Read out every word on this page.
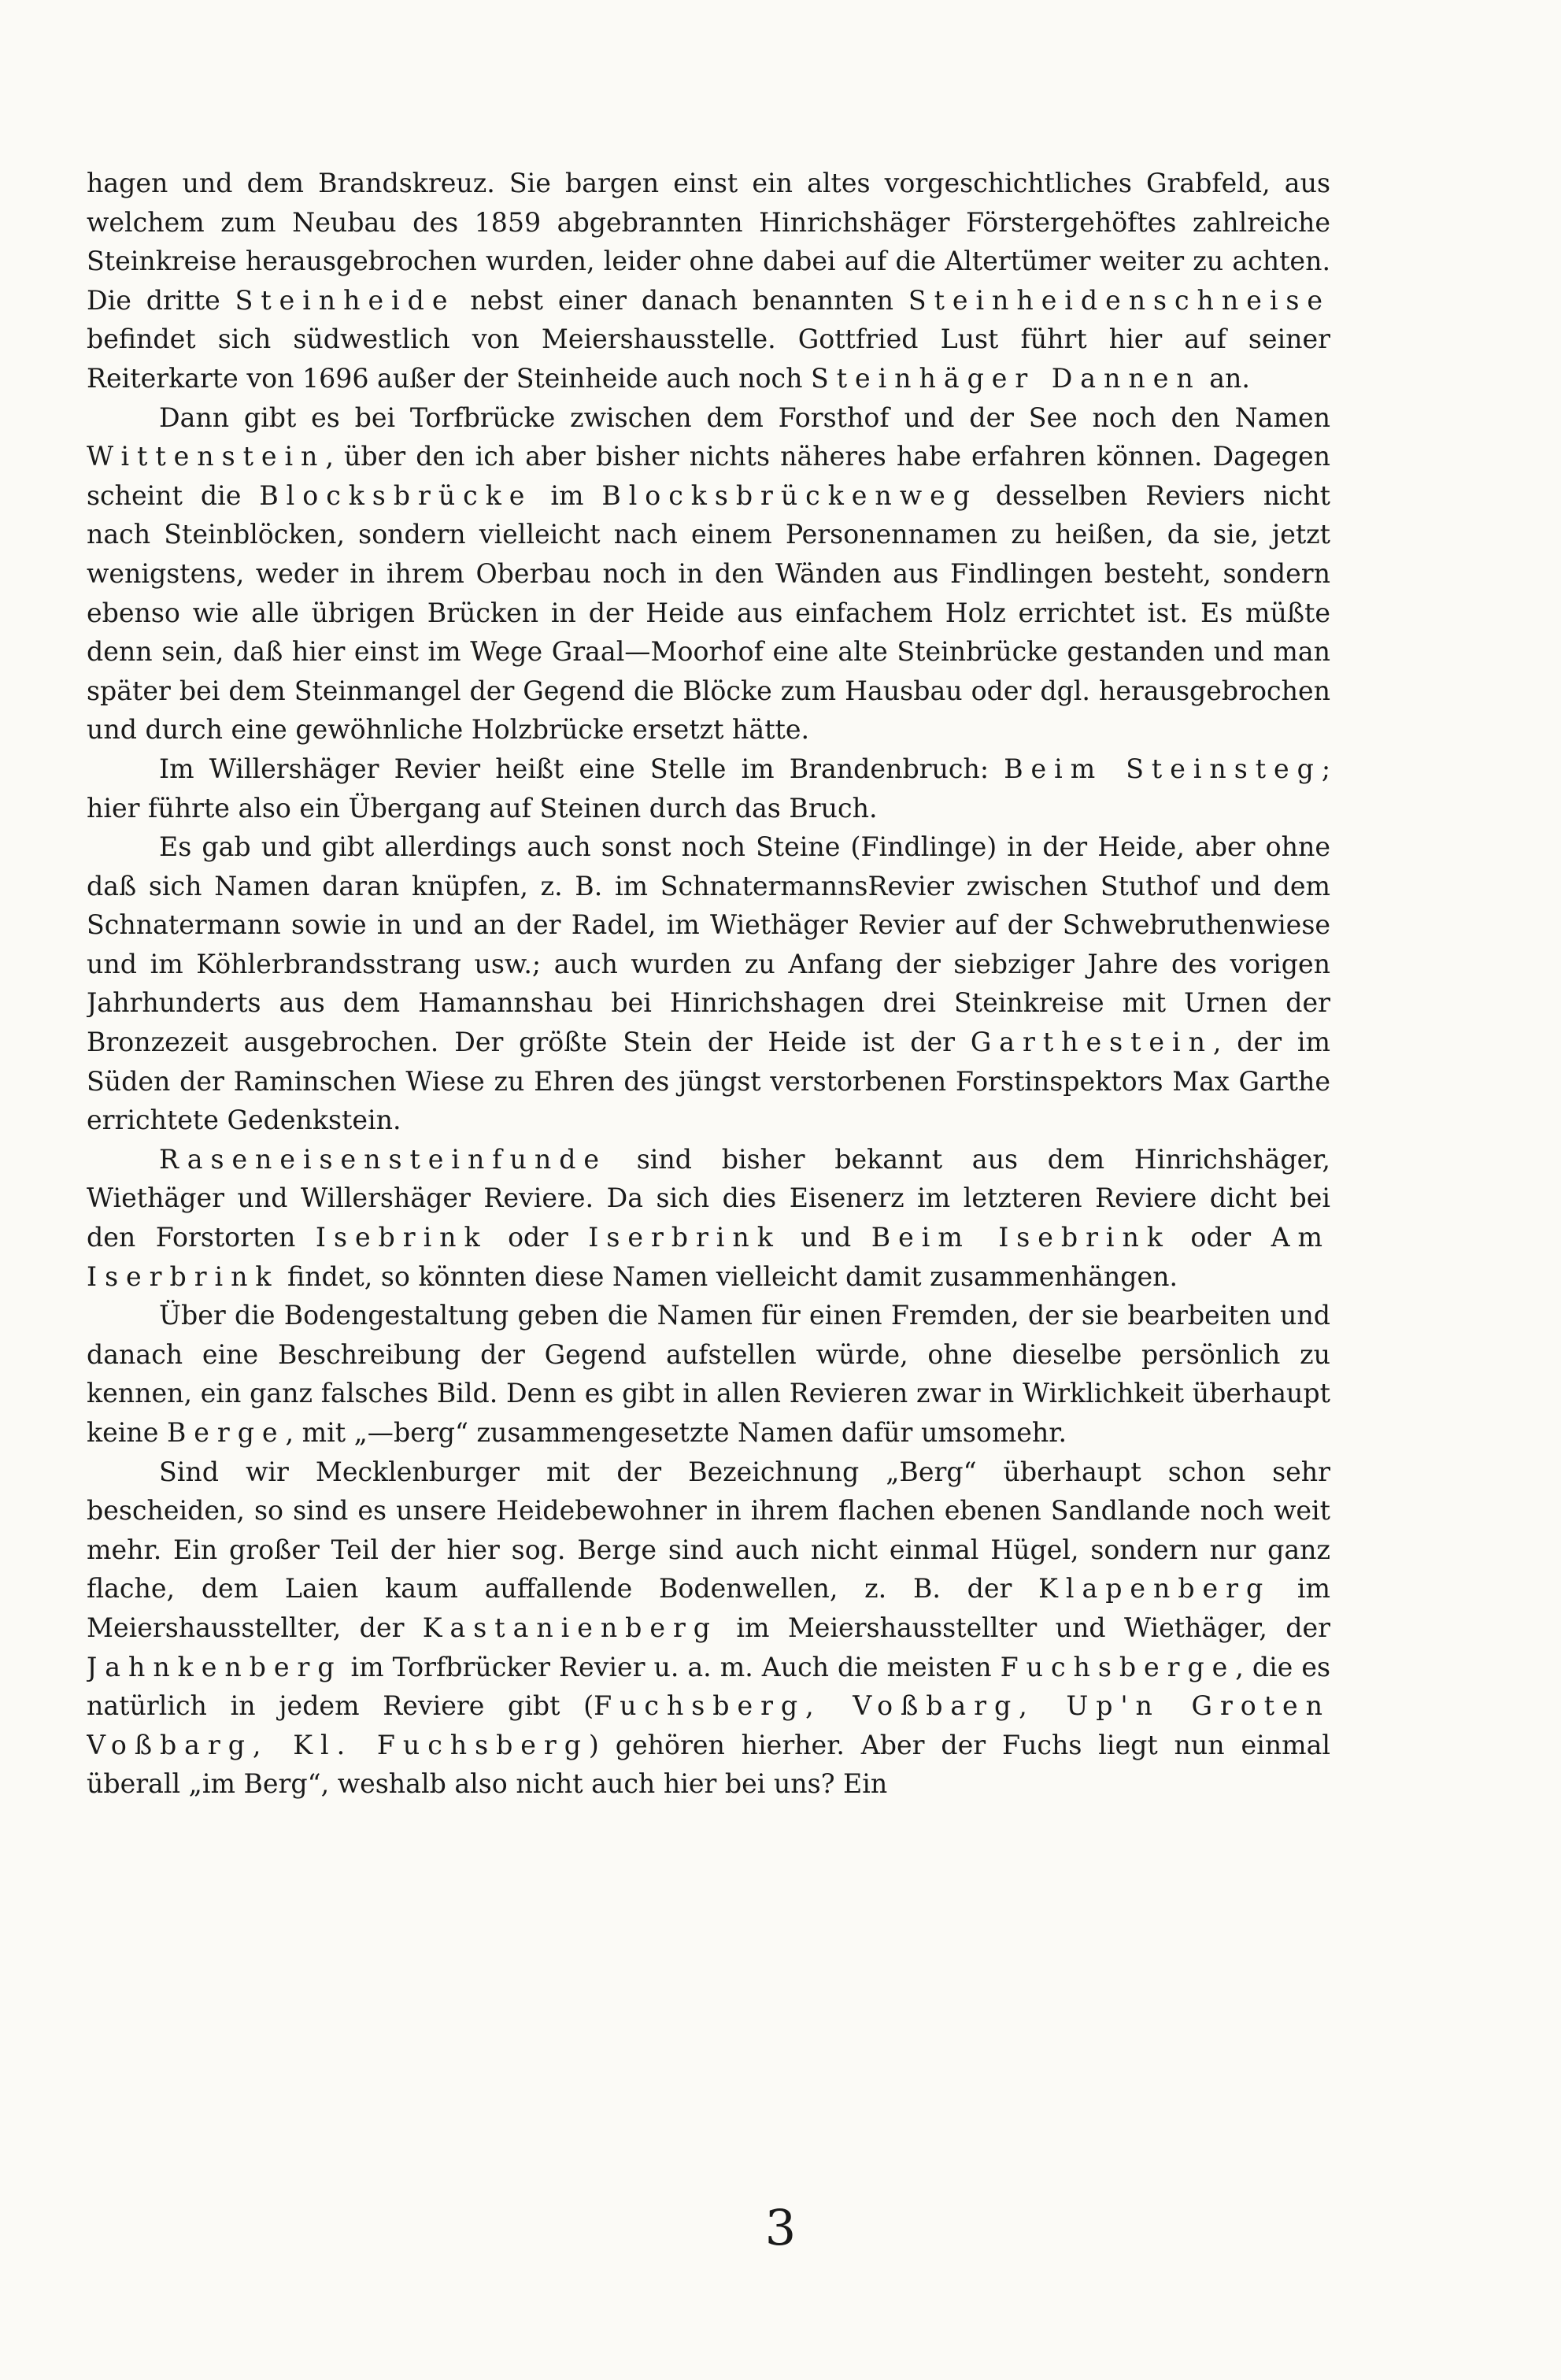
hagen und dem Brandskreuz. Sie bargen einst ein altes vorgeschichtliches Grabfeld, aus welchem zum Neubau des 1859 abgebrannten Hinrichshäger Förstergehöftes zahlreiche Steinkreise herausgebrochen wurden, leider ohne dabei auf die Altertümer weiter zu achten. Die dritte Steinheide nebst einer danach benannten Steinheidenschneise befindet sich südwestlich von Meiershausstelle. Gottfried Lust führt hier auf seiner Reiterkarte von 1696 außer der Steinheide auch noch Steinhäger Dannen an.

Dann gibt es bei Torfbrücke zwischen dem Forsthof und der See noch den Namen Wittenstein, über den ich aber bisher nichts näheres habe erfahren können. Dagegen scheint die Blocksbrücke im Blocksbrückenweg desselben Reviers nicht nach Steinblöcken, sondern vielleicht nach einem Personennamen zu heißen, da sie, jetzt wenigstens, weder in ihrem Oberbau noch in den Wänden aus Findlingen besteht, sondern ebenso wie alle übrigen Brücken in der Heide aus einfachem Holz errichtet ist. Es müßte denn sein, daß hier einst im Wege Graal—Moorhof eine alte Steinbrücke gestanden und man später bei dem Steinmangel der Gegend die Blöcke zum Hausbau oder dgl. herausgebrochen und durch eine gewöhnliche Holzbrücke ersetzt hätte.

Im Willershäger Revier heißt eine Stelle im Brandenbruch: Beim Steinsteg; hier führte also ein Übergang auf Steinen durch das Bruch.

Es gab und gibt allerdings auch sonst noch Steine (Findlinge) in der Heide, aber ohne daß sich Namen daran knüpfen, z. B. im SchnatermannsRevier zwischen Stuthof und dem Schnatermann sowie in und an der Radel, im Wiethäger Revier auf der Schwebruthenwiese und im Köhlerbrandsstrang usw.; auch wurden zu Anfang der siebziger Jahre des vorigen Jahrhunderts aus dem Hamannshau bei Hinrichshagen drei Steinkreise mit Urnen der Bronzezeit ausgebrochen. Der größte Stein der Heide ist der Garthestein, der im Süden der Raminschen Wiese zu Ehren des jüngst verstorbenen Forstinspektors Max Garthe errichtete Gedenkstein.

Raseneisensteinfunde sind bisher bekannt aus dem Hinrichshäger, Wiethäger und Willershäger Reviere. Da sich dies Eisenerz im letzteren Reviere dicht bei den Forstorten Isebrink oder Iserbrink und Beim Isebrink oder Am Iserbrink findet, so könnten diese Namen vielleicht damit zusammenhängen.

Über die Bodengestaltung geben die Namen für einen Fremden, der sie bearbeiten und danach eine Beschreibung der Gegend aufstellen würde, ohne dieselbe persönlich zu kennen, ein ganz falsches Bild. Denn es gibt in allen Revieren zwar in Wirklichkeit überhaupt keine Berge, mit „—berg“ zusammengesetzte Namen dafür umsomehr.

Sind wir Mecklenburger mit der Bezeichnung „Berg“ überhaupt schon sehr bescheiden, so sind es unsere Heidebewohner in ihrem flachen ebenen Sandlande noch weit mehr. Ein großer Teil der hier sog. Berge sind auch nicht einmal Hügel, sondern nur ganz flache, dem Laien kaum auffallende Bodenwellen, z. B. der Klapenberg im Meiershausstellter, der Kastanienberg im Meiershausstellter und Wiethäger, der Jahnkenberg im Torfbrücker Revier u. a. m. Auch die meisten Fuchsberge, die es natürlich in jedem Reviere gibt (Fuchsberg, Voßbarg, Up'n Groten Voßbarg, Kl. Fuchsberg) gehören hierher. Aber der Fuchs liegt nun einmal überall „im Berg“, weshalb also nicht auch hier bei uns? Ein

3
